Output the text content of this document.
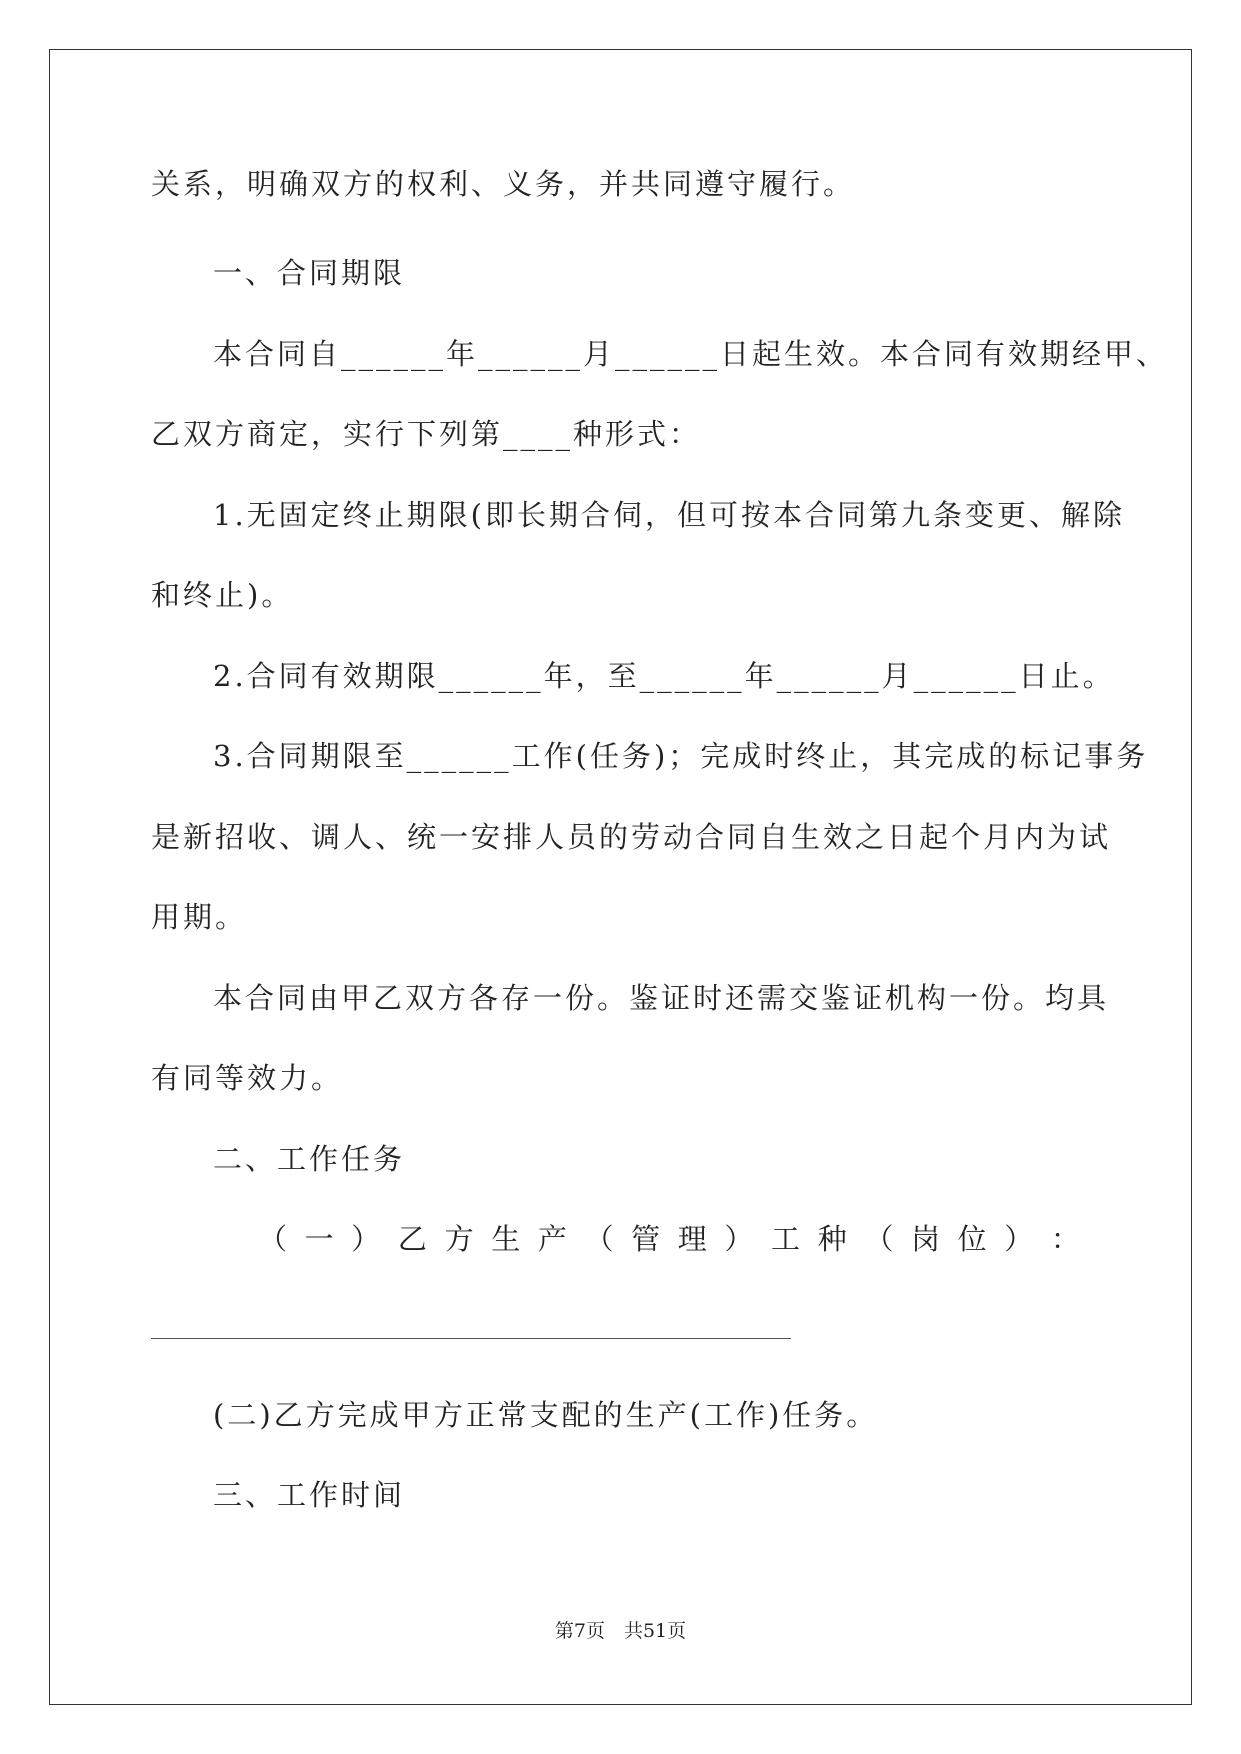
关系，明确双方的权利、义务，并共同遵守履行。

一、合同期限

本合同自______年______月______日起生效。本合同有效期经甲、

乙双方商定，实行下列第____种形式：

1.无固定终止期限(即长期合伺，但可按本合同第九条变更、解除

和终止)。

2.合同有效期限______年，至______年______月______日止。

3.合同期限至______工作(任务)；完成时终止，其完成的标记事务

是新招收、调人、统一安排人员的劳动合同自生效之日起个月内为试

用期。

本合同由甲乙双方各存一份。鉴证时还需交鉴证机构一份。均具

有同等效力。

二、工作任务

（ 一 ） 乙 方 生 产 （ 管 理 ） 工 种 （ 岗 位 ） ：

(二)乙方完成甲方正常支配的生产(工作)任务。

三、工作时间

第7页　共51页
